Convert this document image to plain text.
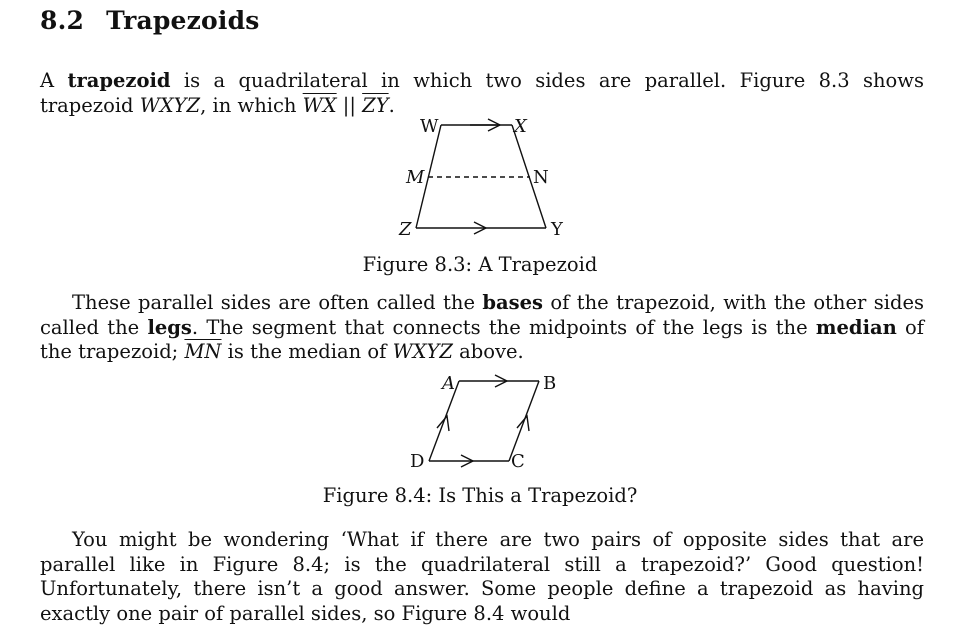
8.2 Trapezoids
A trapezoid is a quadrilateral in which two sides are parallel. Figure 8.3 shows trapezoid WXYZ, in which $\overline{WX}$ || $\overline{ZY}$.
W	X
M	N
Z	Y
Figure 8.3: A Trapezoid
These parallel sides are often called the bases of the trapezoid, with the other sides called the legs. The segment that connects the midpoints of the legs is the median of the trapezoid; $\overline{MN}$ is the median of WXYZ above.
A	B
C
D
Figure 8.4: Is This a Trapezoid?
You might be wondering ‘What if there are two pairs of opposite sides that are parallel like in Figure 8.4; is the quadrilateral still a trapezoid?’ Good question! Unfortunately, there isn’t a good answer. Some people define a trapezoid as having exactly one pair of parallel sides, so Figure 8.4 would
